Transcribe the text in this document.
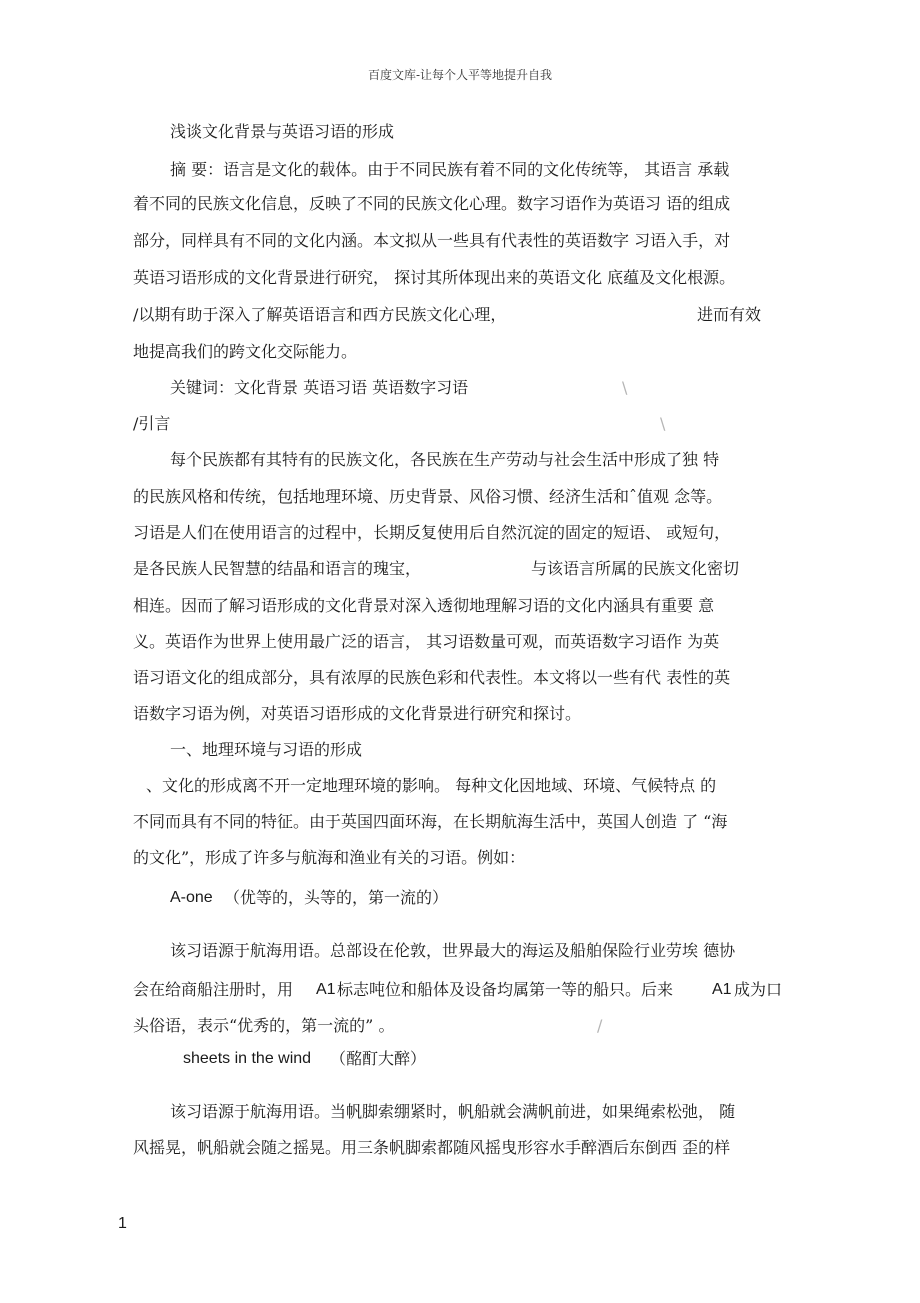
百度文库-让每个人平等地提升自我
浅谈文化背景与英语习语的形成
摘 要：语言是文化的载体。由于不同民族有着不同的文化传统等， 其语言 承载
着不同的民族文化信息，反映了不同的民族文化心理。数字习语作为英语习 语的组成
部分，同样具有不同的文化内涵。本文拟从一些具有代表性的英语数字 习语入手，对
英语习语形成的文化背景进行研究， 探讨其所体现出来的英语文化 底蕴及文化根源。
/以期有助于深入了解英语语言和西方民族文化心理，	进而有效
地提高我们的跨文化交际能力。
关键词：文化背景 英语习语 英语数字习语	\
/引言	\
每个民族都有其特有的民族文化，各民族在生产劳动与社会生活中形成了独 特
的民族风格和传统，包括地理环境、历史背景、风俗习惯、经济生活和ˆ值观 念等。
习语是人们在使用语言的过程中，长期反复使用后自然沉淀的固定的短语、 或短句，
是各民族人民智慧的结晶和语言的瑰宝，	与该语言所属的民族文化密切
相连。因而了解习语形成的文化背景对深入透彻地理解习语的文化内涵具有重要 意
义。英语作为世界上使用最广泛的语言， 其习语数量可观，而英语数字习语作 为英
语习语文化的组成部分，具有浓厚的民族色彩和代表性。本文将以一些有代 表性的英
语数字习语为例，对英语习语形成的文化背景进行研究和探讨。
一、地理环境与习语的形成
、文化的形成离不开一定地理环境的影响。 每种文化因地域、环境、气候特点 的
不同而具有不同的特征。由于英国四面环海，在长期航海生活中，英国人创造 了 “海
的文化”，形成了许多与航海和渔业有关的习语。例如：
A-one （优等的，头等的，第一流的）
该习语源于航海用语。总部设在伦敦，世界最大的海运及船舶保险行业劳埃 德协
会在给商船注册时，用 A1 标志吨位和船体及设备均属第一等的船只。后来 A1 成为口
头俗语，表示“优秀的，第一流的” 。	/
sheets in the wind （酩酊大醉）
该习语源于航海用语。当帆脚索绷紧时，帆船就会满帆前进，如果绳索松弛， 随
风摇晃，帆船就会随之摇晃。用三条帆脚索都随风摇曳形容水手醉酒后东倒西 歪的样
1
